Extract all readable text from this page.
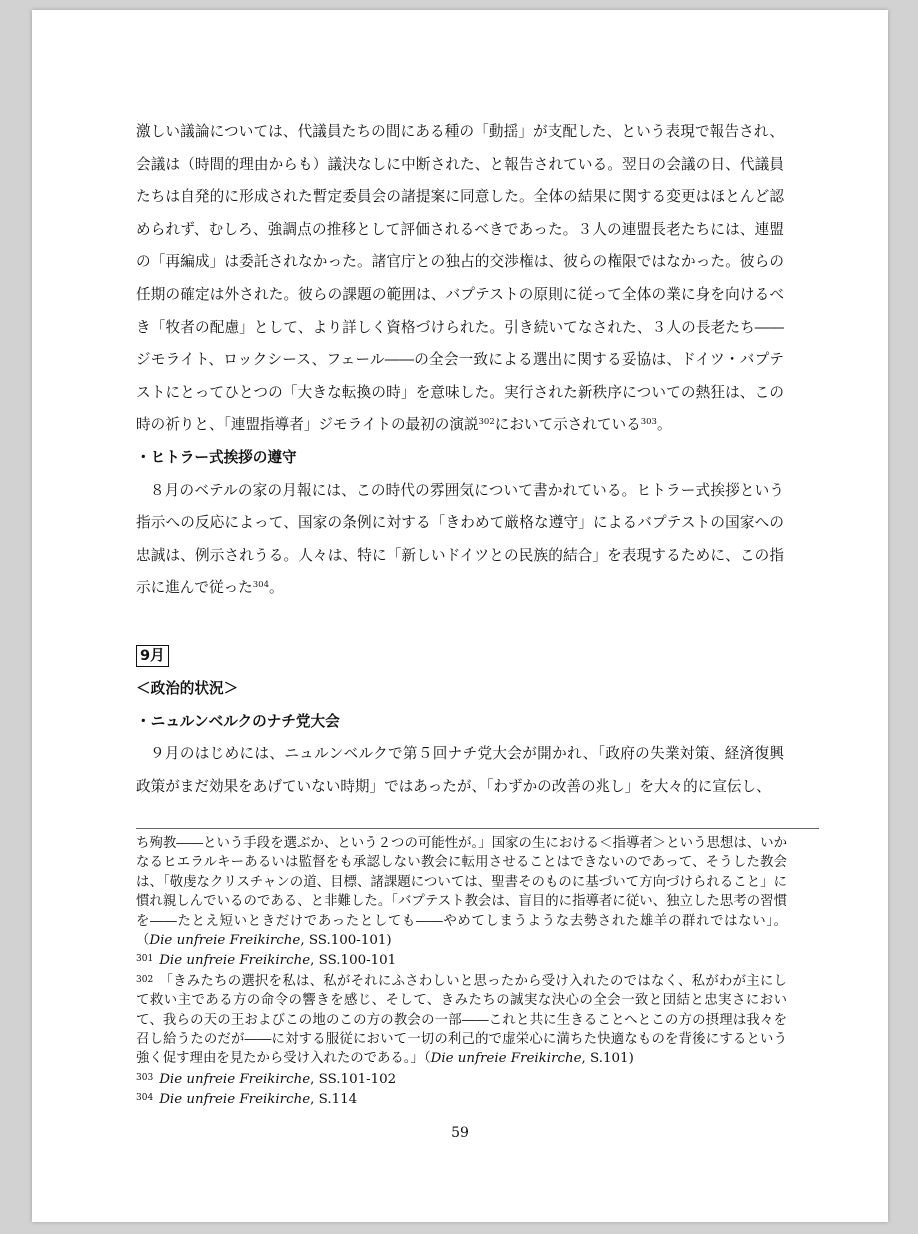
激しい議論については、代議員たちの間にある種の「動揺」が支配した、という表現で報告され、会議は（時間的理由からも）議決なしに中断された、と報告されている。翌日の会議の日、代議員たちは自発的に形成された暫定委員会の諸提案に同意した。全体の結果に関する変更はほとんど認められず、むしろ、強調点の推移として評価されるべきであった。３人の連盟長老たちには、連盟の「再編成」は委託されなかった。諸官庁との独占的交渉権は、彼らの権限ではなかった。彼らの任期の確定は外された。彼らの課題の範囲は、バプテストの原則に従って全体の業に身を向けるべき「牧者の配慮」として、より詳しく資格づけられた。引き続いてなされた、３人の長老たち――ジモライト、ロックシース、フェール――の全会一致による選出に関する妥協は、ドイツ・バプテストにとってひとつの「大きな転換の時」を意味した。実行された新秩序についての熱狂は、この時の祈りと、「連盟指導者」ジモライトの最初の演説$^{302}$において示されている$^{303}$。

・ヒトラー式挨拶の遵守

８月のベテルの家の月報には、この時代の雰囲気について書かれている。ヒトラー式挨拶という指示への反応によって、国家の条例に対する「きわめて厳格な遵守」によるバプテストの国家への忠誠は、例示されうる。人々は、特に「新しいドイツとの民族的結合」を表現するために、この指示に進んで従った$^{304}$。

9月

＜政治的状況＞

・ニュルンベルクのナチ党大会

９月のはじめには、ニュルンベルクで第５回ナチ党大会が開かれ、「政府の失業対策、経済復興政策がまだ効果をあげていない時期」ではあったが、「わずかの改善の兆し」を大々的に宣伝し、

ち殉教――という手段を選ぶか、という２つの可能性が。」国家の生における＜指導者＞という思想は、いかなるヒエラルキーあるいは監督をも承認しない教会に転用させることはできないのであって、そうした教会は、「敬虔なクリスチャンの道、目標、諸課題については、聖書そのものに基づいて方向づけられること」に慣れ親しんでいるのである、と非難した。「バプテスト教会は、盲目的に指導者に従い、独立した思考の習慣を――たとえ短いときだけであったとしても――やめてしまうような去勢された雄羊の群れではない」。（Die unfreie Freikirche, SS.100-101)

$^{301}$ Die unfreie Freikirche, SS.100-101

$^{302}$ 「きみたちの選択を私は、私がそれにふさわしいと思ったから受け入れたのではなく、私がわが主にして救い主である方の命令の響きを感じ、そして、きみたちの誠実な決心の全会一致と団結と忠実さにおいて、我らの天の王およびこの地のこの方の教会の一部――これと共に生きることへとこの方の摂理は我々を召し給うたのだが――に対する服従において一切の利己的で虚栄心に満ちた快適なものを背後にするという強く促す理由を見たから受け入れたのである。」（Die unfreie Freikirche, S.101)

$^{303}$ Die unfreie Freikirche, SS.101-102

$^{304}$ Die unfreie Freikirche, S.114

59
